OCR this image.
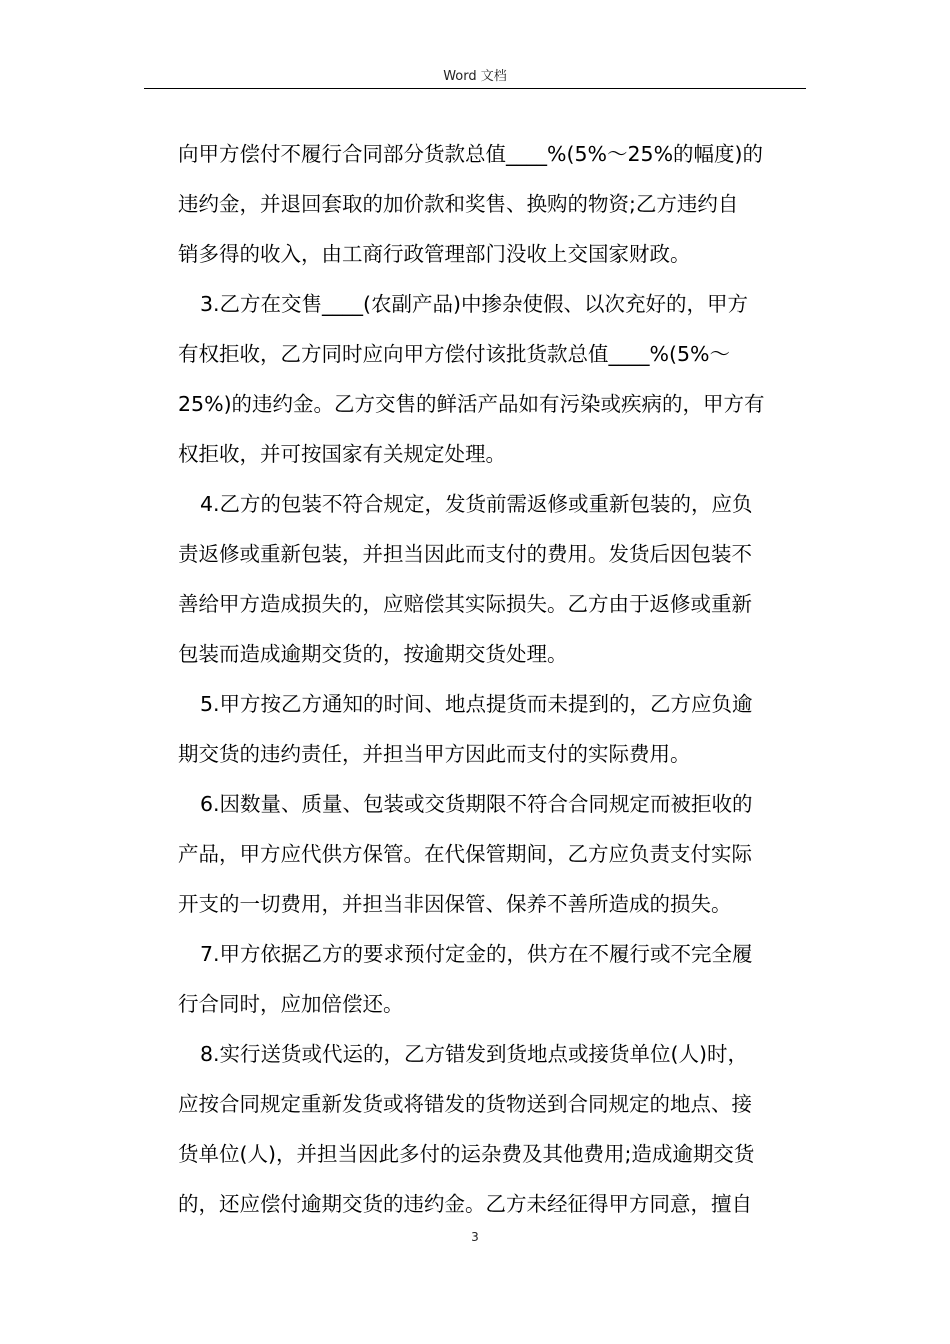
Word 文档
向甲方偿付不履行合同部分货款总值____%(5%～25%的幅度)的
违约金，并退回套取的加价款和奖售、换购的物资;乙方违约自
销多得的收入，由工商行政管理部门没收上交国家财政。
3.乙方在交售____(农副产品)中掺杂使假、以次充好的，甲方
有权拒收，乙方同时应向甲方偿付该批货款总值____%(5%～
25%)的违约金。乙方交售的鲜活产品如有污染或疾病的，甲方有
权拒收，并可按国家有关规定处理。
4.乙方的包装不符合规定，发货前需返修或重新包装的，应负
责返修或重新包装，并担当因此而支付的费用。发货后因包装不
善给甲方造成损失的，应赔偿其实际损失。乙方由于返修或重新
包装而造成逾期交货的，按逾期交货处理。
5.甲方按乙方通知的时间、地点提货而未提到的，乙方应负逾
期交货的违约责任，并担当甲方因此而支付的实际费用。
6.因数量、质量、包装或交货期限不符合合同规定而被拒收的
产品，甲方应代供方保管。在代保管期间，乙方应负责支付实际
开支的一切费用，并担当非因保管、保养不善所造成的损失。
7.甲方依据乙方的要求预付定金的，供方在不履行或不完全履
行合同时，应加倍偿还。
8.实行送货或代运的，乙方错发到货地点或接货单位(人)时，
应按合同规定重新发货或将错发的货物送到合同规定的地点、接
货单位(人)，并担当因此多付的运杂费及其他费用;造成逾期交货
的，还应偿付逾期交货的违约金。乙方未经征得甲方同意，擅自
3
